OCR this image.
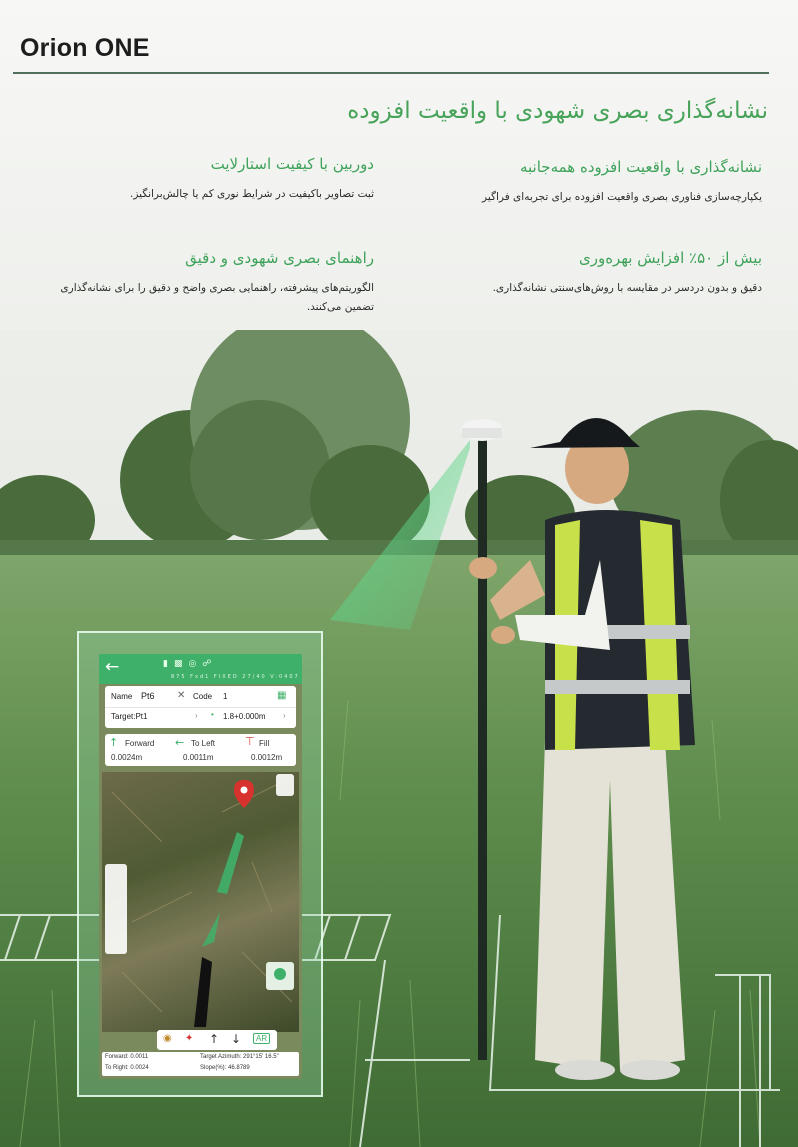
Orion ONE
نشانه‌گذاری بصری شهودی با واقعیت افزوده
نشانه‌گذاری با واقعیت افزوده همه‌جانبه
یکپارچه‌سازی فناوری بصری واقعیت افزوده برای تجربه‌ای فراگیر
دوربین با کیفیت استارلایت
ثبت تصاویر باکیفیت در شرایط نوری کم یا چالش‌برانگیز.
بیش از ۵۰٪ افزایش بهره‌وری
دقیق و بدون دردسر در مقایسه با روش‌های‌سنتی نشانه‌گذاری.
راهنمای بصری شهودی و دقیق
الگوریتم‌های پیشرفته، راهنمایی بصری واضح و دقیق را برای نشانه‌گذاری تضمین می‌کنند.
←	▮▩◎☍
875 Fxd1 FIXED 27/40 V:0407
Name Pt6 ✕ Code 1	▦
Target:Pt1	› • 1.8+0.000m ›
↑ Forward
0.0024m
← To Left
0.0011m
⊤ Fill
0.0012m
◉ ✦ ↑ ↓	AR
Forward: 0.0011
To Right: 0.0024
Target Azimuth: 291°15' 16.5"
Slope(%): 46.8789
